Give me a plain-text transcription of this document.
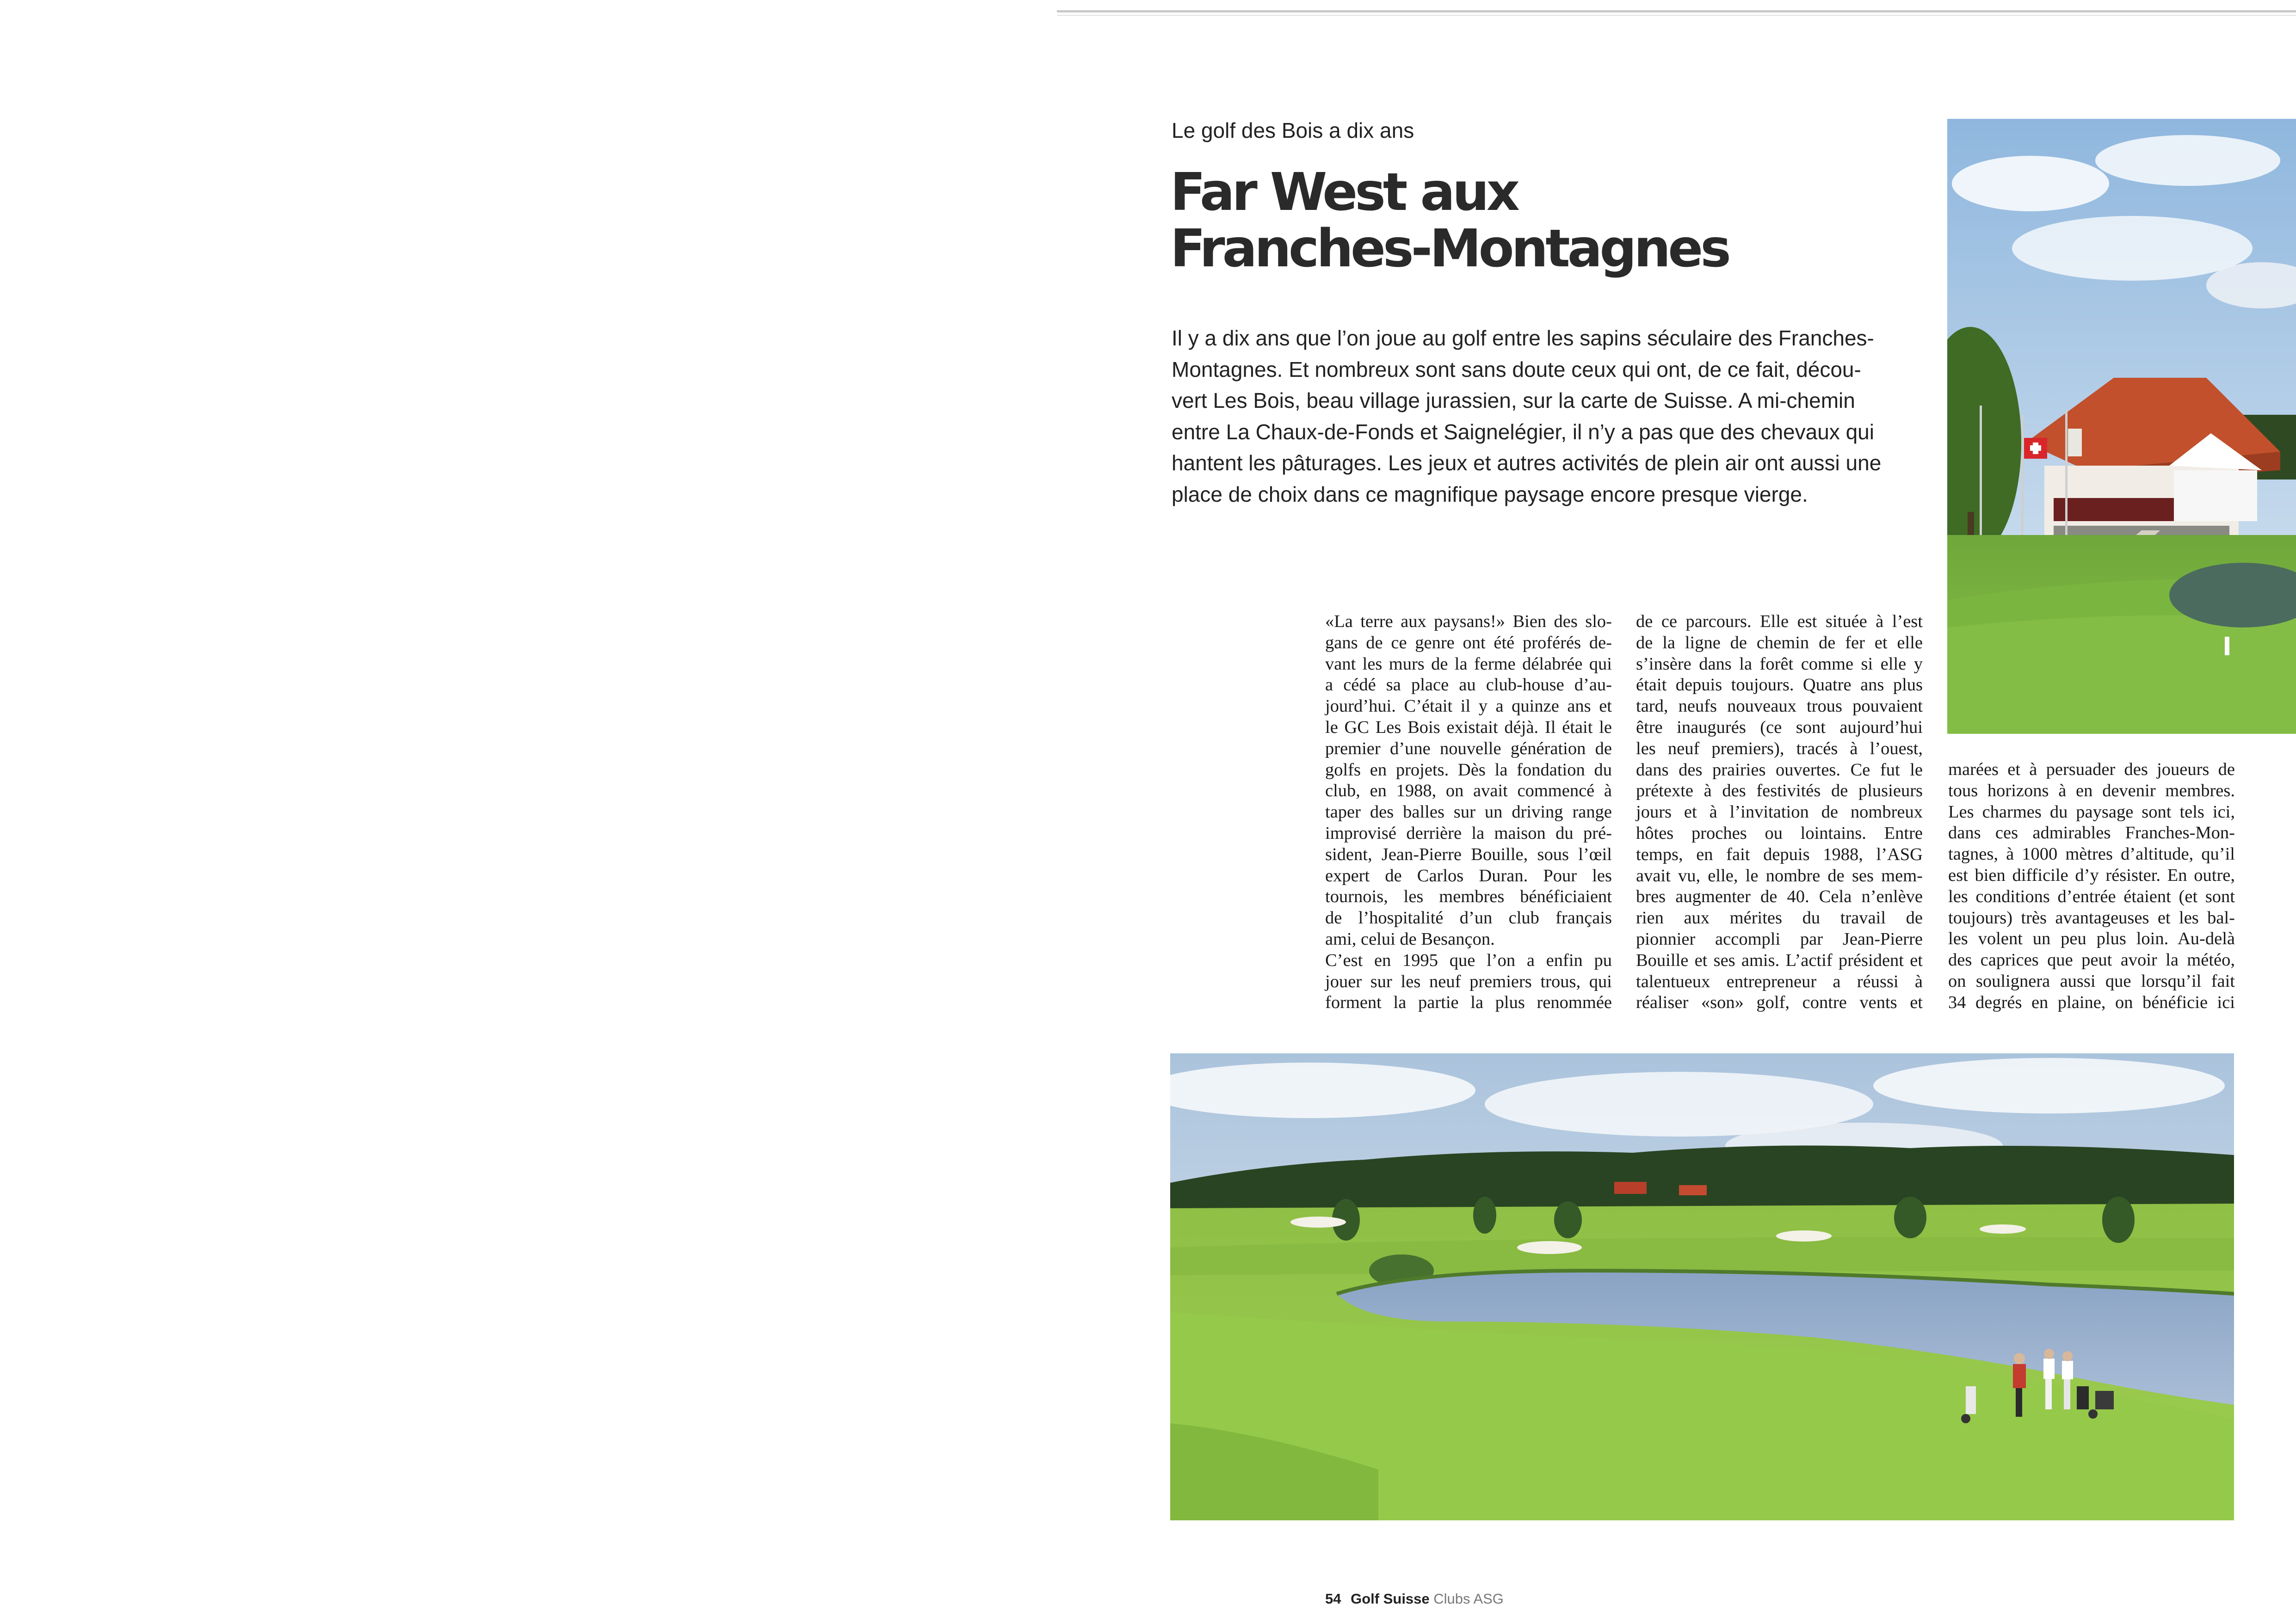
Le golf des Bois a dix ans
Far West aux
Franches-Montagnes
Il y a dix ans que l’on joue au golf entre les sapins séculaire des Franches-
Montagnes. Et nombreux sont sans doute ceux qui ont, de ce fait, décou-
vert Les Bois, beau village jurassien, sur la carte de Suisse. A mi-chemin
entre La Chaux-de-Fonds et Saignelégier, il n’y a pas que des chevaux qui
hantent les pâturages. Les jeux et autres activités de plein air ont aussi une
place de choix dans ce magnifique paysage encore presque vierge.
«La terre aux paysans!» Bien des slo-
gans de ce genre ont été proférés de-
vant les murs de la ferme délabrée qui
a cédé sa place au club-house d’au-
jourd’hui. C’était il y a quinze ans et
le GC Les Bois existait déjà. Il était le
premier d’une nouvelle génération de
golfs en projets. Dès la fondation du
club, en 1988, on avait commencé à
taper des balles sur un driving range
improvisé derrière la maison du pré-
sident, Jean-Pierre Bouille, sous l’œil
expert de Carlos Duran. Pour les
tournois, les membres bénéficiaient
de l’hospitalité d’un club français
ami, celui de Besançon.
C’est en 1995 que l’on a enfin pu
jouer sur les neuf premiers trous, qui
forment la partie la plus renommée
de ce parcours. Elle est située à l’est
de la ligne de chemin de fer et elle
s’insère dans la forêt comme si elle y
était depuis toujours. Quatre ans plus
tard, neufs nouveaux trous pouvaient
être inaugurés (ce sont aujourd’hui
les neuf premiers), tracés à l’ouest,
dans des prairies ouvertes. Ce fut le
prétexte à des festivités de plusieurs
jours et à l’invitation de nombreux
hôtes proches ou lointains. Entre
temps, en fait depuis 1988, l’ASG
avait vu, elle, le nombre de ses mem-
bres augmenter de 40. Cela n’enlève
rien aux mérites du travail de
pionnier accompli par Jean-Pierre
Bouille et ses amis. L’actif président et
talentueux entrepreneur a réussi à
réaliser «son» golf, contre vents et
marées et à persuader des joueurs de
tous horizons à en devenir membres.
Les charmes du paysage sont tels ici,
dans ces admirables Franches-Mon-
tagnes, à 1000 mètres d’altitude, qu’il
est bien difficile d’y résister. En outre,
les conditions d’entrée étaient (et sont
toujours) très avantageuses et les bal-
les volent un peu plus loin. Au-delà
des caprices que peut avoir la météo,
on soulignera aussi que lorsqu’il fait
34 degrés en plaine, on bénéficie ici
54 Golf Suisse Clubs ASG
